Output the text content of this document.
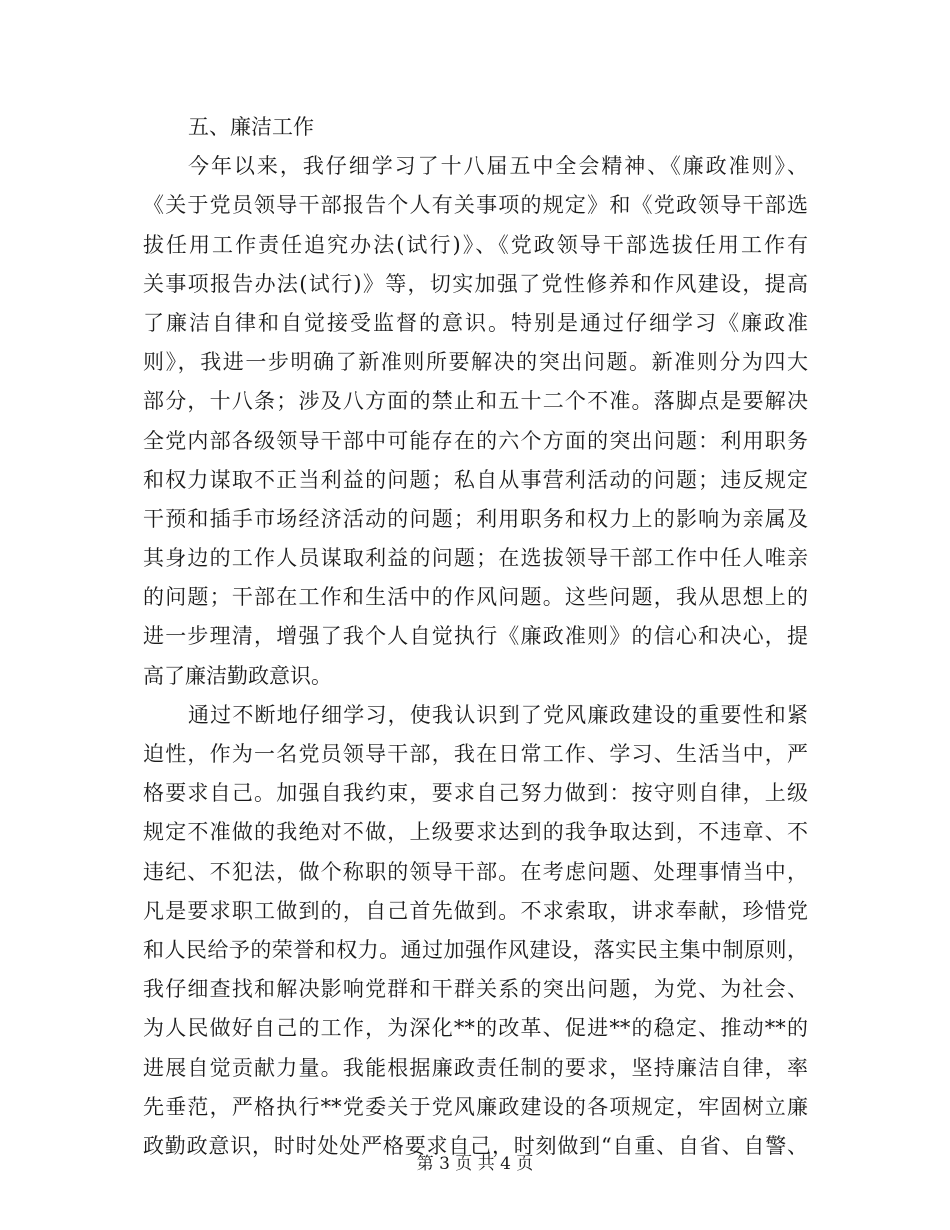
五、廉洁工作
今年以来，我仔细学习了十八届五中全会精神、《廉政准则》、
《关于党员领导干部报告个人有关事项的规定》和《党政领导干部选
拔任用工作责任追究办法(试行)》、《党政领导干部选拔任用工作有
关事项报告办法(试行)》等，切实加强了党性修养和作风建设，提高
了廉洁自律和自觉接受监督的意识。特别是通过仔细学习《廉政准
则》，我进一步明确了新准则所要解决的突出问题。新准则分为四大
部分，十八条；涉及八方面的禁止和五十二个不准。落脚点是要解决
全党内部各级领导干部中可能存在的六个方面的突出问题：利用职务
和权力谋取不正当利益的问题；私自从事营利活动的问题；违反规定
干预和插手市场经济活动的问题；利用职务和权力上的影响为亲属及
其身边的工作人员谋取利益的问题；在选拔领导干部工作中任人唯亲
的问题；干部在工作和生活中的作风问题。这些问题，我从思想上的
进一步理清，增强了我个人自觉执行《廉政准则》的信心和决心，提
高了廉洁勤政意识。
通过不断地仔细学习，使我认识到了党风廉政建设的重要性和紧
迫性，作为一名党员领导干部，我在日常工作、学习、生活当中，严
格要求自己。加强自我约束，要求自己努力做到：按守则自律，上级
规定不准做的我绝对不做，上级要求达到的我争取达到，不违章、不
违纪、不犯法，做个称职的领导干部。在考虑问题、处理事情当中，
凡是要求职工做到的，自己首先做到。不求索取，讲求奉献，珍惜党
和人民给予的荣誉和权力。通过加强作风建设，落实民主集中制原则，
我仔细查找和解决影响党群和干群关系的突出问题，为党、为社会、
为人民做好自己的工作，为深化**的改革、促进**的稳定、推动**的
进展自觉贡献力量。我能根据廉政责任制的要求，坚持廉洁自律，率
先垂范，严格执行**党委关于党风廉政建设的各项规定，牢固树立廉
政勤政意识，时时处处严格要求自己，时刻做到“自重、自省、自警、
第 3 页 共 4 页
